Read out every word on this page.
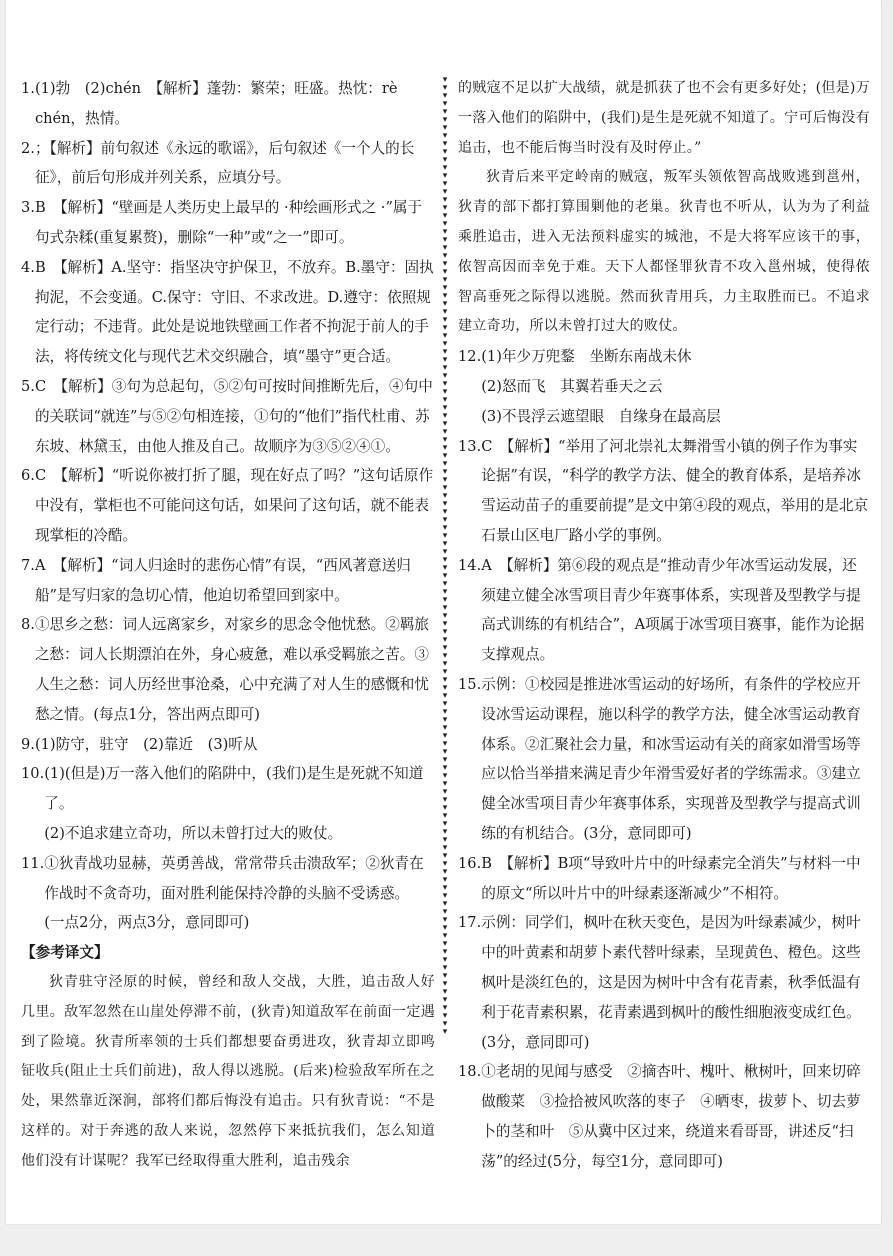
1. (1)勃　(2)chén　【解析】蓬勃：繁荣；旺盛。热忱：rè chén，热情。
2. ；【解析】前句叙述《永远的歌谣》，后句叙述《一个人的长征》，前后句形成并列关系，应填分号。
3. B　【解析】“壁画是人类历史上最早的 ·种绘画形式之 ·”属于句式杂糅(重复累赘)，删除“一种”或“之一”即可。
4. B　【解析】A.坚守：指坚决守护保卫，不放弃。B.墨守：固执拘泥，不会变通。C.保守：守旧、不求改进。D.遵守：依照规定行动；不违背。此处是说地铁壁画工作者不拘泥于前人的手法，将传统文化与现代艺术交织融合，填“墨守”更合适。
5. C　【解析】③句为总起句，⑤②句可按时间推断先后，④句中的关联词“就连”与⑤②句相连接，①句的“他们”指代杜甫、苏东坡、林黛玉，由他人推及自己。故顺序为③⑤②④①。
6. C　【解析】“听说你被打折了腿，现在好点了吗？”这句话原作中没有，掌柜也不可能问这句话，如果问了这句话，就不能表现掌柜的冷酷。
7. A　【解析】“词人归途时的悲伤心情”有误，“西风著意送归船”是写归家的急切心情，他迫切希望回到家中。
8. ①思乡之愁：词人远离家乡，对家乡的思念令他忧愁。②羁旅之愁：词人长期漂泊在外，身心疲惫，难以承受羁旅之苦。③人生之愁：词人历经世事沧桑，心中充满了对人生的感慨和忧愁之情。(每点1分，答出两点即可)
9. (1)防守，驻守　(2)靠近　(3)听从
10. (1)(但是)万一落入他们的陷阱中，(我们)是生是死就不知道了。

(2)不追求建立奇功，所以未曾打过大的败仗。

11. ①狄青战功显赫，英勇善战，常常带兵击溃敌军；②狄青在作战时不贪奇功，面对胜利能保持冷静的头脑不受诱惑。

(一点2分，两点3分，意同即可)

【参考译文】

狄青驻守泾原的时候，曾经和敌人交战，大胜，追击敌人好几里。敌军忽然在山崖处停滞不前，(狄青)知道敌军在前面一定遇到了险境。狄青所率领的士兵们都想要奋勇进攻，狄青却立即鸣钲收兵(阻止士兵们前进)，敌人得以逃脱。(后来)检验敌军所在之处，果然靠近深涧，部将们都后悔没有追击。只有狄青说：“不是这样的。对于奔逃的敌人来说，忽然停下来抵抗我们，怎么知道他们没有计谋呢？我军已经取得重大胜利，追击残余

▾
▾
▾
▾
▾
▾
▾
▾
▾
▾
▾
▾
▾
▾
▾
▾
▾
▾
▾
▾
▾
▾
▾
▾
▾
▾
▾
▾
▾
▾
▾
▾
▾
▾
▾
▾
▾
▾
▾
▾
▾
▾
▾
▾
▾
▾
▾
▾
▾
▾
▾
▾
▾
▾
▾
▾
▾
▾
▾
▾
▾
▾
▾
▾
▾
▾
▾
▾
▾
▾
▾
▾
▾
▾
▾
▾
▾
▾
▾
▾
▾
▾
▾
▾
▾
▾
▾
▾
▾
▾
▾
▾
▾
▾
▾
▾
▾
▾
▾
▾
▾
▾
▾
▾
▾
▾
▾
▾
▾
▾
▾
▾
▾
▾
▾
▾
▾
▾
▾
▾

的贼寇不足以扩大战绩，就是抓获了也不会有更多好处；(但是)万一落入他们的陷阱中，(我们)是生是死就不知道了。宁可后悔没有追击，也不能后悔当时没有及时停止。”

狄青后来平定岭南的贼寇，叛军头领侬智高战败逃到邕州，狄青的部下都打算围剿他的老巢。狄青也不听从，认为为了利益乘胜追击，进入无法预料虚实的城池，不是大将军应该干的事，侬智高因而幸免于难。天下人都怪罪狄青不攻入邕州城，使得侬智高垂死之际得以逃脱。然而狄青用兵，力主取胜而已。不追求建立奇功，所以未曾打过大的败仗。

12. (1)年少万兜鍪　坐断东南战未休

(2)怒而飞　其翼若垂天之云

(3)不畏浮云遮望眼　自缘身在最高层

13. C　【解析】“举用了河北崇礼太舞滑雪小镇的例子作为事实论据”有误，“科学的教学方法、健全的教育体系，是培养冰雪运动苗子的重要前提”是文中第④段的观点，举用的是北京石景山区电厂路小学的事例。
14. A　【解析】第⑥段的观点是“推动青少年冰雪运动发展，还须建立健全冰雪项目青少年赛事体系，实现普及型教学与提高式训练的有机结合”，A项属于冰雪项目赛事，能作为论据支撑观点。
15. 示例：①校园是推进冰雪运动的好场所，有条件的学校应开设冰雪运动课程，施以科学的教学方法，健全冰雪运动教育体系。②汇聚社会力量，和冰雪运动有关的商家如滑雪场等应以恰当举措来满足青少年滑雪爱好者的学练需求。③建立健全冰雪项目青少年赛事体系，实现普及型教学与提高式训练的有机结合。(3分，意同即可)
16. B　【解析】B项“导致叶片中的叶绿素完全消失”与材料一中的原文“所以叶片中的叶绿素逐渐减少”不相符。
17. 示例：同学们，枫叶在秋天变色，是因为叶绿素减少，树叶中的叶黄素和胡萝卜素代替叶绿素，呈现黄色、橙色。这些枫叶是淡红色的，这是因为树叶中含有花青素，秋季低温有利于花青素积累，花青素遇到枫叶的酸性细胞液变成红色。(3分，意同即可)
18. ①老胡的见闻与感受　②摘杏叶、槐叶、楸树叶，回来切碎做酸菜　③捡拾被风吹落的枣子　④晒枣，拔萝卜、切去萝卜的茎和叶　⑤从冀中区过来，绕道来看哥哥，讲述反“扫荡”的经过(5分，每空1分，意同即可)
